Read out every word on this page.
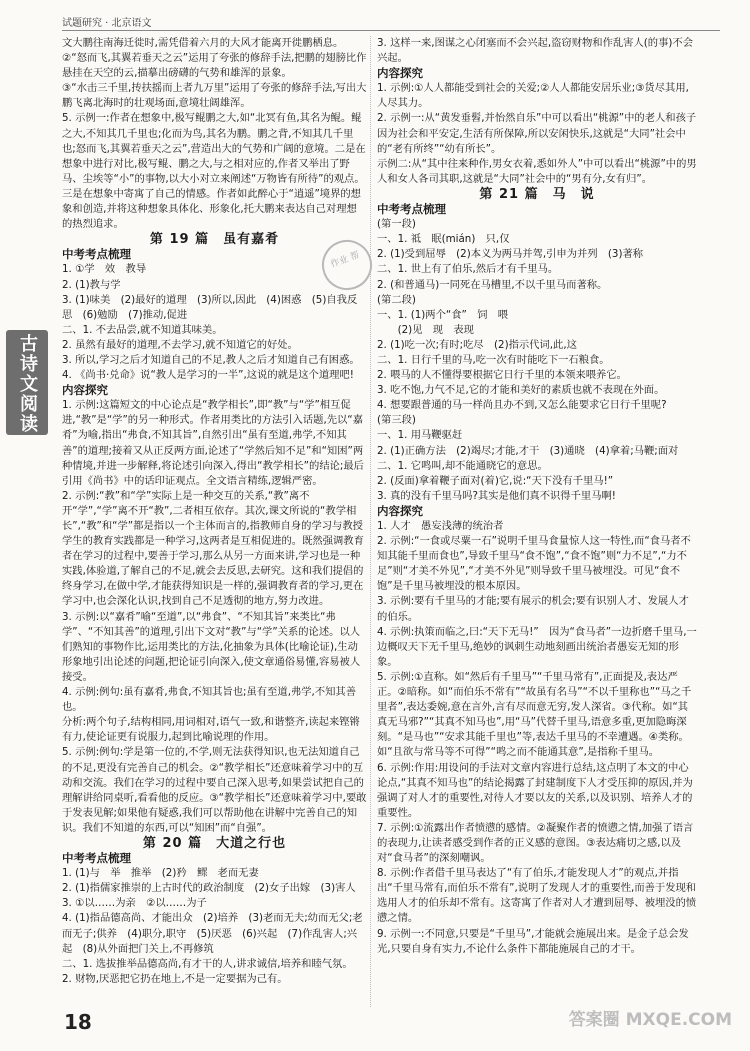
试题研究 · 北京语文
古诗文阅读

文大鹏往南海迁徙时,需凭借着六月的大风才能离开徙鹏栖息。

②“怒而飞,其翼若垂天之云”运用了夸张的修辞手法,把鹏的翅膀比作悬挂在天空的云,描摹出磅礴的气势和雄浑的景象。

③“水击三千里,抟扶摇而上者九万里”运用了夸张的修辞手法,写出大鹏飞离北海时的壮观场面,意境壮阔雄浑。

5. 示例一:作者在想象中,极写鲲鹏之大,如“北冥有鱼,其名为鲲。鲲之大,不知其几千里也;化而为鸟,其名为鹏。鹏之背,不知其几千里也;怒而飞,其翼若垂天之云”,营造出大的气势和广阔的意境。二是在想象中进行对比,极写鲲、鹏之大,与之相对应的,作者又举出了野马、尘埃等“小”的事物,以大小对立来阐述“万物皆有所待”的观点。三是在想象中寄寓了自己的情感。作者如此醉心于“逍遥”境界的想象和创造,并将这种想象具体化、形象化,托大鹏来表达自己对理想的热烈追求。

第 19 篇　虽有嘉肴

中考考点梳理

1. ①学　效　教导

2. (1)教与学

3. (1)味美　(2)最好的道理　(3)所以,因此　(4)困惑　(5)自我反思　(6)勉励　(7)推动,促进

二、1. 不去品尝,就不知道其味美。

2. 虽然有最好的道理,不去学习,就不知道它的好处。

3. 所以,学习之后才知道自己的不足,教人之后才知道自己有困惑。

4. 《尚书·兑命》说“教人是学习的一半”,这说的就是这个道理吧!

内容探究

1. 示例:这篇短文的中心论点是“教学相长”,即“教”与“学”相互促进,“教”是“学”的另一种形式。作者用类比的方法引入话题,先以“嘉肴”为喻,指出“弗食,不知其旨”,自然引出“虽有至道,弗学,不知其善”的道理;接着又从正反两方面,论述了“学然后知不足”和“知困”两种情境,并进一步解释,将论述引向深入,得出“教学相长”的结论;最后引用《尚书》中的话印证观点。全文语言精练,逻辑严密。

2. 示例:“教”和“学”实际上是一种交互的关系,“教”离不开“学”,“学”离不开“教”,二者相互依存。其次,课文所说的“教学相长”,“教”和“学”都是指以一个主体而言的,指教师自身的学习与教授学生的教育实践都是一种学习,这两者是互相促进的。既然强调教育者在学习的过程中,要善于学习,那么从另一方面来讲,学习也是一种实践,体验道,了解自己的不足,就会去反思,去研究。这和我们提倡的终身学习,在做中学,才能获得知识是一样的,强调教育者的学习,更在学习中,也会深化认识,找到自己不足透彻的地方,努力改进。

3. 示例:以“嘉肴”喻“至道”,以“弗食”、“不知其旨”来类比“弗学”、“不知其善”的道理,引出下文对“教”与“学”关系的论述。以人们熟知的事物作比,运用类比的方法,化抽象为具体(比喻论证),生动形象地引出论述的问题,把论证引向深入,使文章通俗易懂,容易被人接受。

4. 示例:例句:虽有嘉肴,弗食,不知其旨也;虽有至道,弗学,不知其善也。

分析:两个句子,结构相同,用词相对,语气一致,和谐整齐,读起来铿锵有力,使论证更有说服力,起到比喻说理的作用。

5. 示例:例句:学是第一位的,不学,则无法获得知识,也无法知道自己的不足,更没有完善自己的机会。②“教学相长”还意味着学习中的互动和交流。我们在学习的过程中要自己深入思考,如果尝试把自己的理解讲给同桌听,看看他的反应。③“教学相长”还意味着学习中,要敢于发表见解;如果他有疑惑,我们可以帮助他在讲解中完善自己的知识。我们不知道的东西,可以“知困”而“自强”。

第 20 篇　大道之行也

中考考点梳理

1. (1)与　举　推举　(2)矜　鳏　老而无妻

2. (1)指儒家推崇的上古时代的政治制度　(2)女子出嫁　(3)害人

3. ①以……为亲　②以……为子

4. (1)指品德高尚、才能出众　(2)培养　(3)老而无夫;幼而无父;老而无子;供养　(4)职分,职守　(5)厌恶　(6)兴起　(7)作乱害人;兴起　(8)从外面把门关上,不再修筑

二、1. 选拔推举品德高尚,有才干的人,讲求诚信,培养和睦气氛。

2. 财物,厌恶把它扔在地上,不是一定要据为己有。

3. 这样一来,图谋之心闭塞而不会兴起,盗窃财物和作乱害人(的事)不会兴起。

内容探究

1. 示例:①人人都能受到社会的关爱;②人人都能安居乐业;③货尽其用,人尽其力。

2. 示例一:从“黄发垂髫,并怡然自乐”中可以看出“桃源”中的老人和孩子因为社会和平安定,生活有所保障,所以安闲快乐,这就是“大同”社会中的“老有所终”“幼有所长”。

示例二:从“其中往来种作,男女衣着,悉如外人”中可以看出“桃源”中的男人和女人各司其职,这就是“大同”社会中的“男有分,女有归”。

第 21 篇　马　说

中考考点梳理

(第一段)

一、1. 祗　眠(mián)　只,仅

2. (1)受到屈辱　(2)本义为两马并驾,引申为并列　(3)著称

二、1. 世上有了伯乐,然后才有千里马。

2. (和普通马)一同死在马槽里,不以千里马而著称。

(第二段)

一、1. (1)两个“食”　饲　喂

　　(2)见　现　表现

2. (1)吃一次;有时;吃尽　(2)指示代词,此,这

二、1. 日行千里的马,吃一次有时能吃下一石粮食。

2. 喂马的人不懂得要根据它日行千里的本领来喂养它。

3. 吃不饱,力气不足,它的才能和美好的素质也就不表现在外面。

4. 想要跟普通的马一样尚且办不到,又怎么能要求它日行千里呢?

(第三段)

一、1. 用马鞭驱赶

2. (1)正确方法　(2)竭尽;才能,才干　(3)通晓　(4)拿着;马鞭;面对

二、1. 它鸣叫,却不能通晓它的意思。

2. (反面)拿着鞭子面对(着)它,说:“天下没有千里马!”

3. 真的没有千里马吗?其实是他们真不识得千里马啊!

内容探究

1. 人才　愚妄浅薄的统治者

2. 示例:“一食或尽粟一石”说明千里马食量惊人这一特性,而“食马者不知其能千里而食也”,导致千里马“食不饱”,“食不饱”则“力不足”,“力不足”则“才美不外见”,“才美不外见”则导致千里马被埋没。可见“食不饱”是千里马被埋没的根本原因。

3. 示例:要有千里马的才能;要有展示的机会;要有识别人才、发展人才的伯乐。

4. 示例:执策而临之,曰:“天下无马!”　因为“食马者”一边折磨千里马,一边概叹天下无千里马,绝妙的讽刺生动地刻画出统治者愚妄无知的形象。

5. 示例:①直称。如“然后有千里马”“千里马常有”,正面提及,表达严正。②暗称。如“而伯乐不常有”“故虽有名马”“不以千里称也”“马之千里者”,表达委婉,意在言外,言有尽而意无穷,发人深省。③代称。如“其真无马邪?”“其真不知马也”,用“马”代替千里马,语意多重,更加隐晦深刻。“是马也”“安求其能千里也”等,表达千里马的不幸遭遇。④类称。如“且欲与常马等不可得”“鸣之而不能通其意”,是指称千里马。

6. 示例:作用:用设问的手法对文章内容进行总结,这点明了本文的中心论点,“其真不知马也”的结论揭露了封建制度下人才受压抑的原因,并为强调了对人才的重要性,对待人才要以友的关系,以及识别、培养人才的重要性。

7. 示例:①流露出作者愤懑的感情。②凝聚作者的愤懑之情,加强了语言的表现力,让读者感受到作者的正义感的意图。③表达痛切之感,以及对“食马者”的深刻嘲讽。

8. 示例:作者借千里马表达了“有了伯乐,才能发现人才”的观点,并指出“千里马常有,而伯乐不常有”,说明了发现人才的重要性,而善于发现和选用人才的伯乐却不常有。这寄寓了作者对人才遭到屈辱、被埋没的愤懑之情。

9. 示例一:不同意,只要是“千里马”,才能就会施展出来。是金子总会发光,只要自身有实力,不论什么条件下都能施展自己的才干。

作业 帮
18	答案圈 MXQE.COM
